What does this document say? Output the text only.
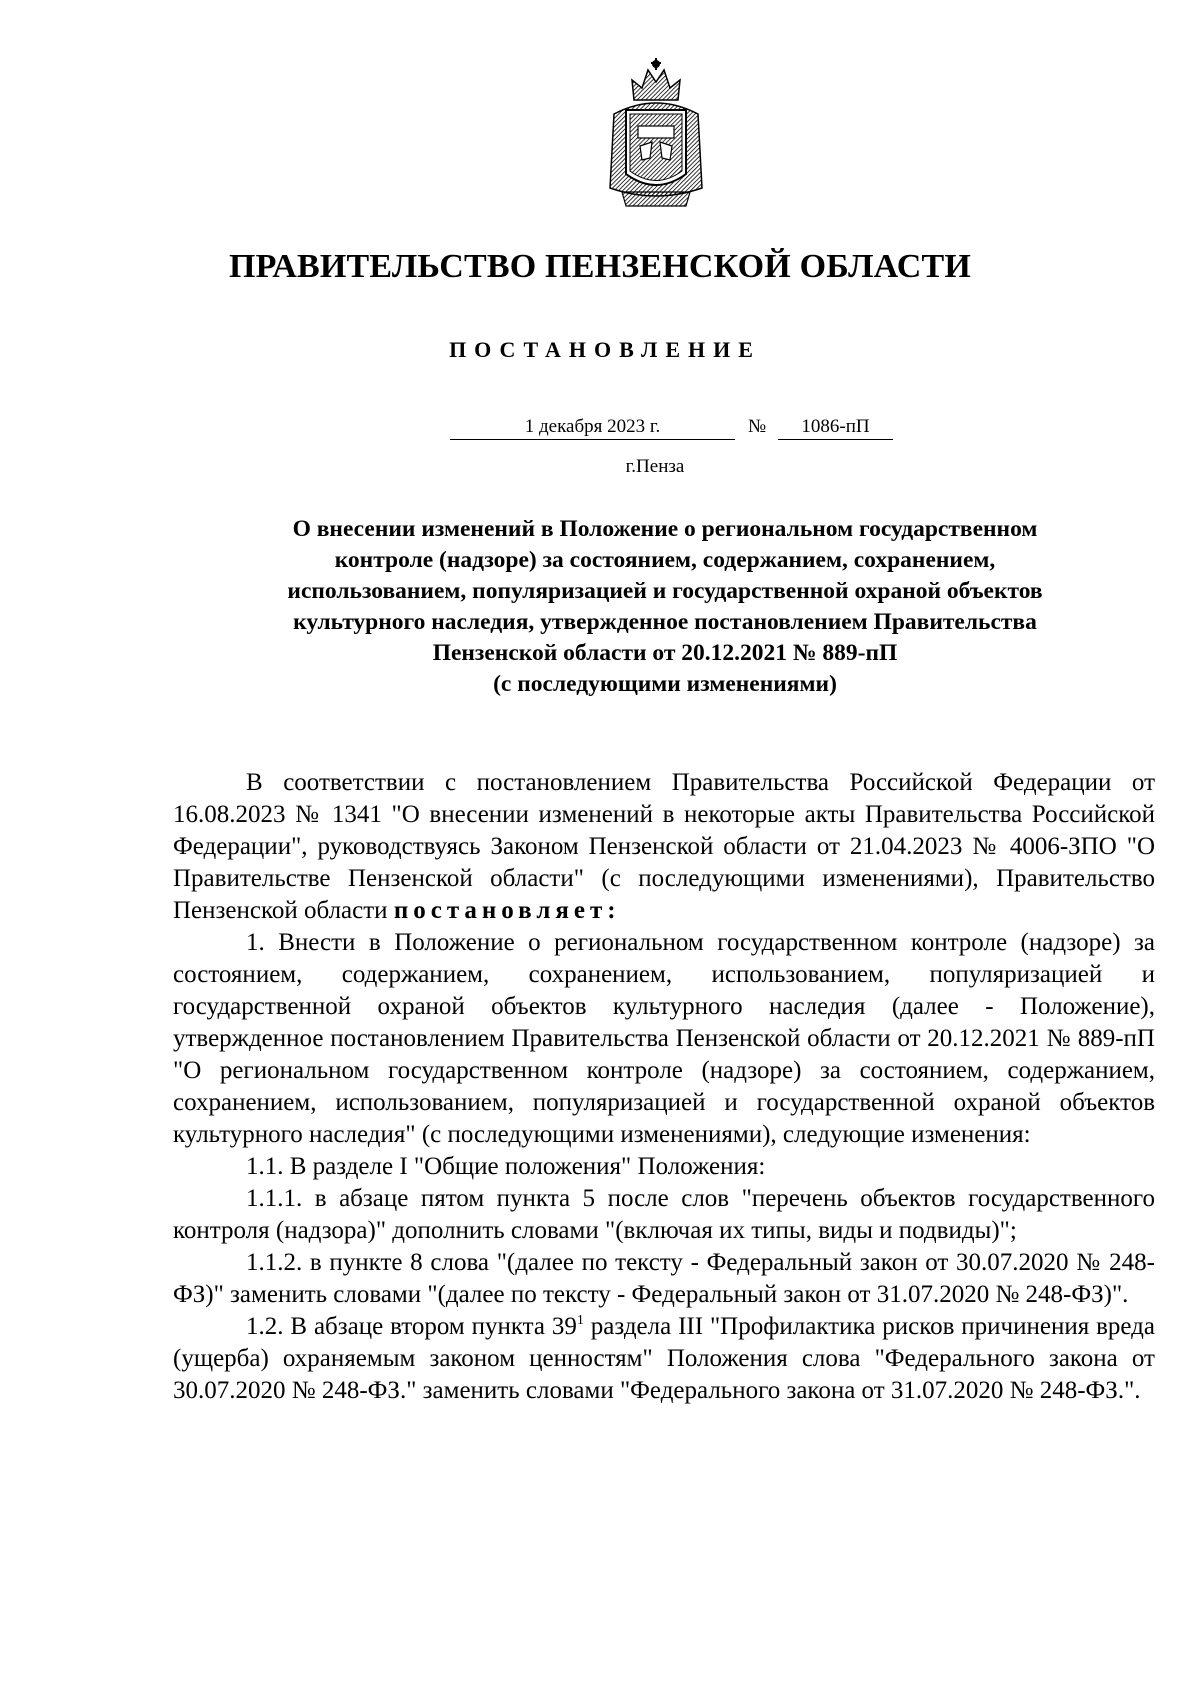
ПРАВИТЕЛЬСТВО ПЕНЗЕНСКОЙ ОБЛАСТИ
ПОСТАНОВЛЕНИЕ
1 декабря 2023 г.	№	1086-пП
г.Пенза
О внесении изменений в Положение о региональном государственном
контроле (надзоре) за состоянием, содержанием, сохранением,
использованием, популяризацией и государственной охраной объектов
культурного наследия, утвержденное постановлением Правительства
Пензенской области от 20.12.2021 № 889-пП
(с последующими изменениями)

В соответствии с постановлением Правительства Российской Федерации от 16.08.2023 № 1341 "О внесении изменений в некоторые акты Правительства Российской Федерации", руководствуясь Законом Пензенской области от 21.04.2023 № 4006-ЗПО "О Правительстве Пензенской области" (с последующими изменениями), Правительство Пензенской области постановляет:

1. Внести в Положение о региональном государственном контроле (надзоре) за состоянием, содержанием, сохранением, использованием, популяризацией и государственной охраной объектов культурного наследия (далее - Положение), утвержденное постановлением Правительства Пензенской области от 20.12.2021 № 889-пП "О региональном государственном контроле (надзоре) за состоянием, содержанием, сохранением, использованием, популяризацией и государственной охраной объектов культурного наследия" (с последующими изменениями), следующие изменения:

1.1. В разделе I "Общие положения" Положения:

1.1.1. в абзаце пятом пункта 5 после слов "перечень объектов государственного контроля (надзора)" дополнить словами "(включая их типы, виды и подвиды)";

1.1.2. в пункте 8 слова "(далее по тексту - Федеральный закон от 30.07.2020 № 248-ФЗ)" заменить словами "(далее по тексту - Федеральный закон от 31.07.2020 № 248-ФЗ)".

1.2. В абзаце втором пункта $39^1$ раздела III "Профилактика рисков причинения вреда (ущерба) охраняемым законом ценностям" Положения слова "Федерального закона от 30.07.2020 № 248-ФЗ." заменить словами "Федерального закона от 31.07.2020 № 248-ФЗ.".
